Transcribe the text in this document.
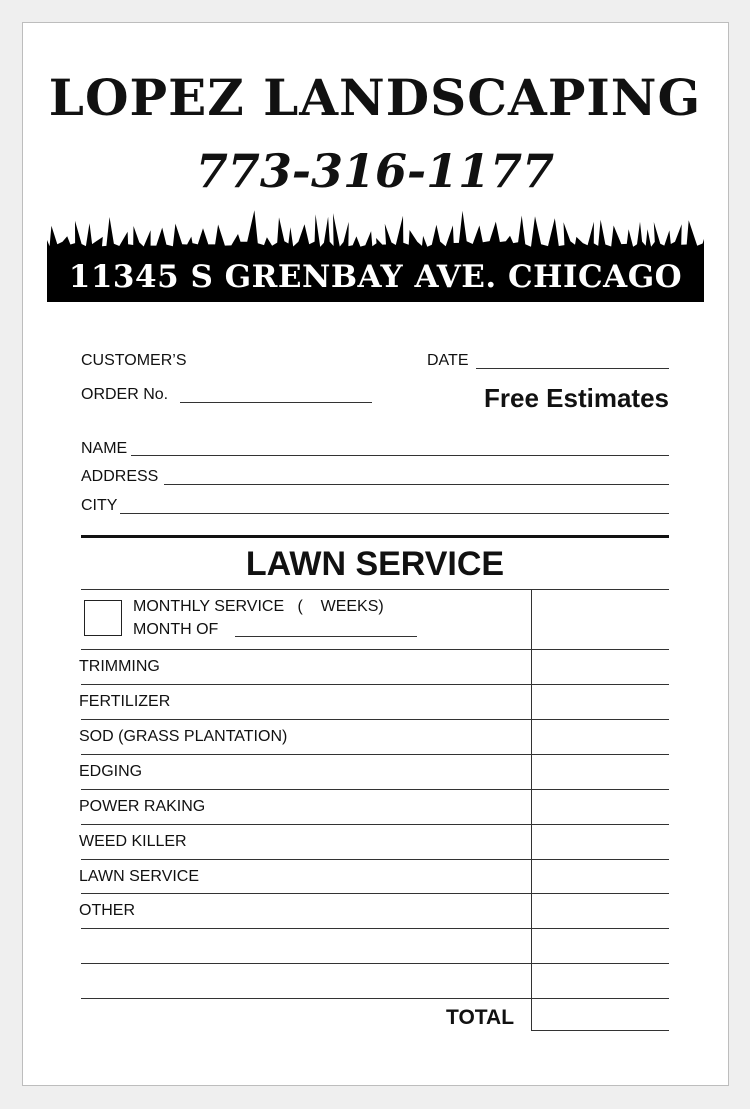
LOPEZ LANDSCAPING
773-316-1177
11345 S GRENBAY AVE. CHICAGO IL 60617
CUSTOMER’S
ORDER No.
DATE
Free Estimates
NAME
ADDRESS
CITY
LAWN SERVICE
MONTHLY SERVICE   (    WEEKS)
MONTH OF
TRIMMING
FERTILIZER
SOD (GRASS PLANTATION)
EDGING
POWER RAKING
WEED KILLER
LAWN SERVICE
OTHER
TOTAL
